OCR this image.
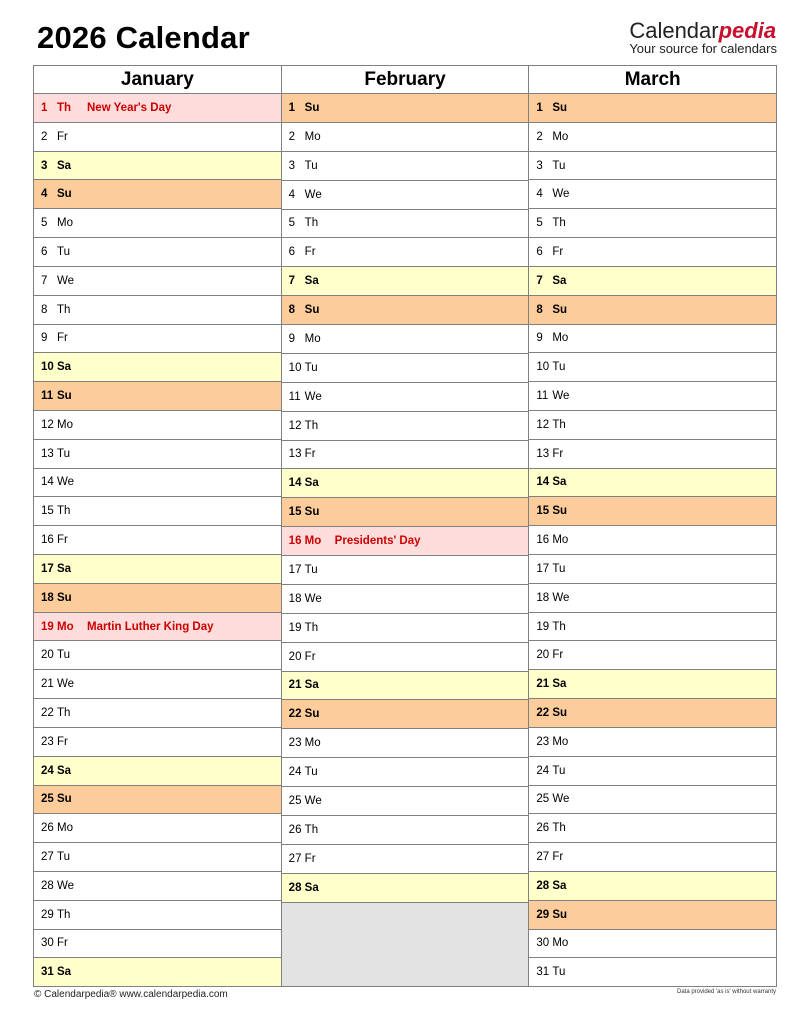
2026 Calendar	Calendarpedia
Your source for calendars
January
1 Th	New Year's Day
2 Fr
3 Sa
4 Su
5 Mo
6 Tu
7 We
8 Th
9 Fr
10 Sa
11 Su
12 Mo
13 Tu
14 We
15 Th
16 Fr
17 Sa
18 Su
19 Mo	Martin Luther King Day
20 Tu
21 We
22 Th
23 Fr
24 Sa
25 Su
26 Mo
27 Tu
28 We
29 Th
30 Fr
31 Sa
February
1 Su
2 Mo
3 Tu
4 We
5 Th
6 Fr
7 Sa
8 Su
9 Mo
10 Tu
11 We
12 Th
13 Fr
14 Sa
15 Su
16 Mo	Presidents' Day
17 Tu
18 We
19 Th
20 Fr
21 Sa
22 Su
23 Mo
24 Tu
25 We
26 Th
27 Fr
28 Sa
March
1 Su
2 Mo
3 Tu
4 We
5 Th
6 Fr
7 Sa
8 Su
9 Mo
10 Tu
11 We
12 Th
13 Fr
14 Sa
15 Su
16 Mo
17 Tu
18 We
19 Th
20 Fr
21 Sa
22 Su
23 Mo
24 Tu
25 We
26 Th
27 Fr
28 Sa
29 Su
30 Mo
31 Tu
© Calendarpedia® www.calendarpedia.com	Data provided 'as is' without warranty
